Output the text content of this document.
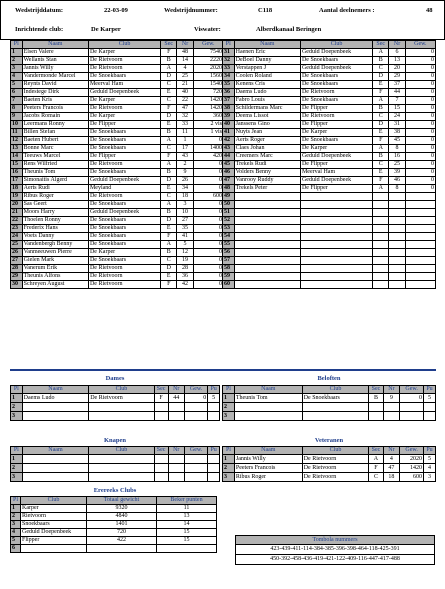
Wedstrijddatum:	22-03-09	Wedstrijdnummer:	C118	Aantal deelnemers :	48
Inrichtende club:	De Karper	Viswater:	Alberdkanaal Beringen
Pl	Naam	Club	Sec	Nr	Gew.
1	Elsen Valere	De Karper	F	48	7540
2	Wellants Stan	De Rietvoorn	B	14	2220
3	Jannis Willy	De Rietvoorn	A	4	2020
4	Vandermonde Marcel	De Snoekbaars	D	25	1560
5	Reynts David	Meerval Ham	C	21	1540
6	Indestege Dirk	Geduld Doepenbeek	E	40	720
7	Baeten Kris	De Karper	C	22	1420
8	Peeters Francois	De Rietvoorn	F	47	1420
9	Jacobs Romain	De Karper	D	32	360
10	Leermans Ronny	De Flipper	E	33	2 vis
11	Billen Stefan	De Snoekbaars	B	11	1 vis
12	Baeten Hubert	De Snoekbaars	A	1	0
13	Bonne Marc	De Snoekbaars	C	17	1400
14	Teeuws Marcel	De Flipper	F	43	420
15	Rens Wilfried	De Rietvoorn	A	2	0
16	Theunis Tom	De Snoekbaars	B	9	0
17	Simonaitis Algerd	Geduld Doepenbeek	D	26	0
18	Aerts Rudi	Meyland	E	34	0
19	Ribus Roger	De Rietvoorn	C	18	600
20	Sas Geert	De Snoekbaars	A	3	0
21	Moors Harry	Geduld Doepenbeek	B	10	0
22	Thoelen Ronny	De Snoekbaars	D	27	0
23	Frederix Hans	De Snoekbaars	E	35	0
24	Voets Danny	De Snoekbaars	F	41	0
25	Vandenbergh Benny	De Snoekbaars	A	5	0
26	Vanmeeuwen Pierre	De Karper	B	12	0
27	Gielen Mark	De Snoekbaars	C	19	0
28	Vanerum Erik	De Rietvoorn	D	28	0
29	Theunis Alfons	De Rietvoorn	E	36	0
30	Schreyen August	De Rietvoorn	F	42	0
Pl	Naam	Club	Sec	Nr	Gew.
31	Haenen Eric	Geduld Doepenbeek	A	6	0
32	DeBoel Danny	De Snoekbaars	B	13	0
33	Verstappen J	Geduld Doepenbeek	C	20	0
34	Coolen Roland	De Snoekbaars	D	29	0
35	Kenens Cris	De Snoekbaars	E	37	0
36	Daems Ludo	De Rietvoorn	F	44	0
37	Fabro Louis	De Snoekbaars	A	7	0
38	Schildermans Marc	De Flipper	B	15	0
39	Deems Lissot	De Rietvoorn	C	24	0
40	Janssens Gino	De Flipper	D	31	0
41	Nuyts Jean	De Karper	E	38	0
42	Aerts Roger	De Snoekbaars	F	45	0
43	Claes Johan	De Karper	A	8	0
44	Creemers Marc	Geduld Doepenbeek	B	16	0
45	Trekels Rudi	De Flipper	C	25	0
46	Volders Benny	Meerval Ham	E	39	0
47	Vanrooy Ruddy	Geduld Doepenbeek	F	46	0
48	Trekels Peter	De Flipper	A	8	0
49					
50					
51					
52					
53					
54					
55					
56					
57					
58					
59					
60					
Dames	Beloften
Knapen	Veteranen
Erereeks Clubs
Pl	Naam	Club	Sec	Nr	Gew.	Pu
1	Daems Ludo	De Rietvoorn	F	44	0	5
2						
3						
Pl	Naam	Club	Sec	Nr	Gew.	Pu
1	Theunis Tom	De Snoekbaars	B	9	0	5
2						
3						
Pl	Naam	Club	Sec	Nr	Gew.	Pu
1						
2						
3						
Pl	Naam	Club	Sec	Nr	Gew.	Pu
1	Jannis Willy	De Rietvoorn	A	4	2020	5
2	Peeters Francois	De Rietvoorn	F	47	1420	4
3	Ribus Roger	De Rietvoorn	C	18	600	3
Pl	Club	Totaal gewicht	Beker punten
1	Karper	9320	11
2	Rietvoorn	4840	13
3	Snoekbaars	1401	14
4	Geduld Doepenbeek	720	15
5	Flipper	422	15
6			
Tombola nummers
423-439-411-114-384-385-396-398-464-118-425-391
450-392-458-436-419-421-122-409-116-447-417-488
